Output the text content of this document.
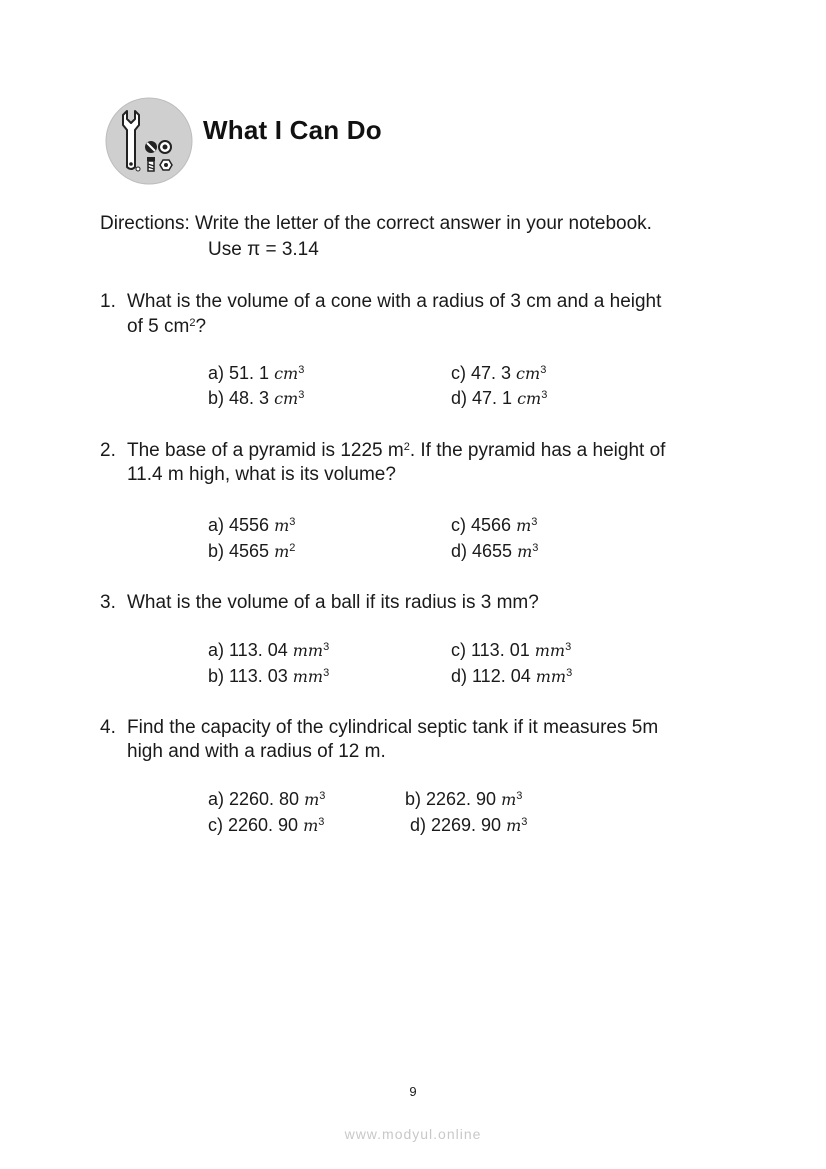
What I Can Do
Directions: Write the letter of the correct answer in your notebook.
Use π = 3.14
1. What is the volume of a cone with a radius of 3 cm and a height
of 5 $cm^2$?
a) 51. 1 $cm^3$	c) 47. 3 $cm^3$
b) 48. 3 $cm^3$	d) 47. 1 $cm^3$
2. The base of a pyramid is 1225 $m^2$. If the pyramid has a height of
11.4 m high, what is its volume?
a) 4556 $m^3$	c) 4566 $m^3$
b) 4565 $m^2$	d) 4655 $m^3$
3. What is the volume of a ball if its radius is 3 mm?
a) 113. 04 $mm^3$	c) 113. 01 $mm^3$
b) 113. 03 $mm^3$	d) 112. 04 $mm^3$
4. Find the capacity of the cylindrical septic tank if it measures 5m
high and with a radius of 12 m.
a) 2260. 80 $m^3$	b) 2262. 90 $m^3$
c) 2260. 90 $m^3$	d) 2269. 90 $m^3$
9
www.modyul.online
